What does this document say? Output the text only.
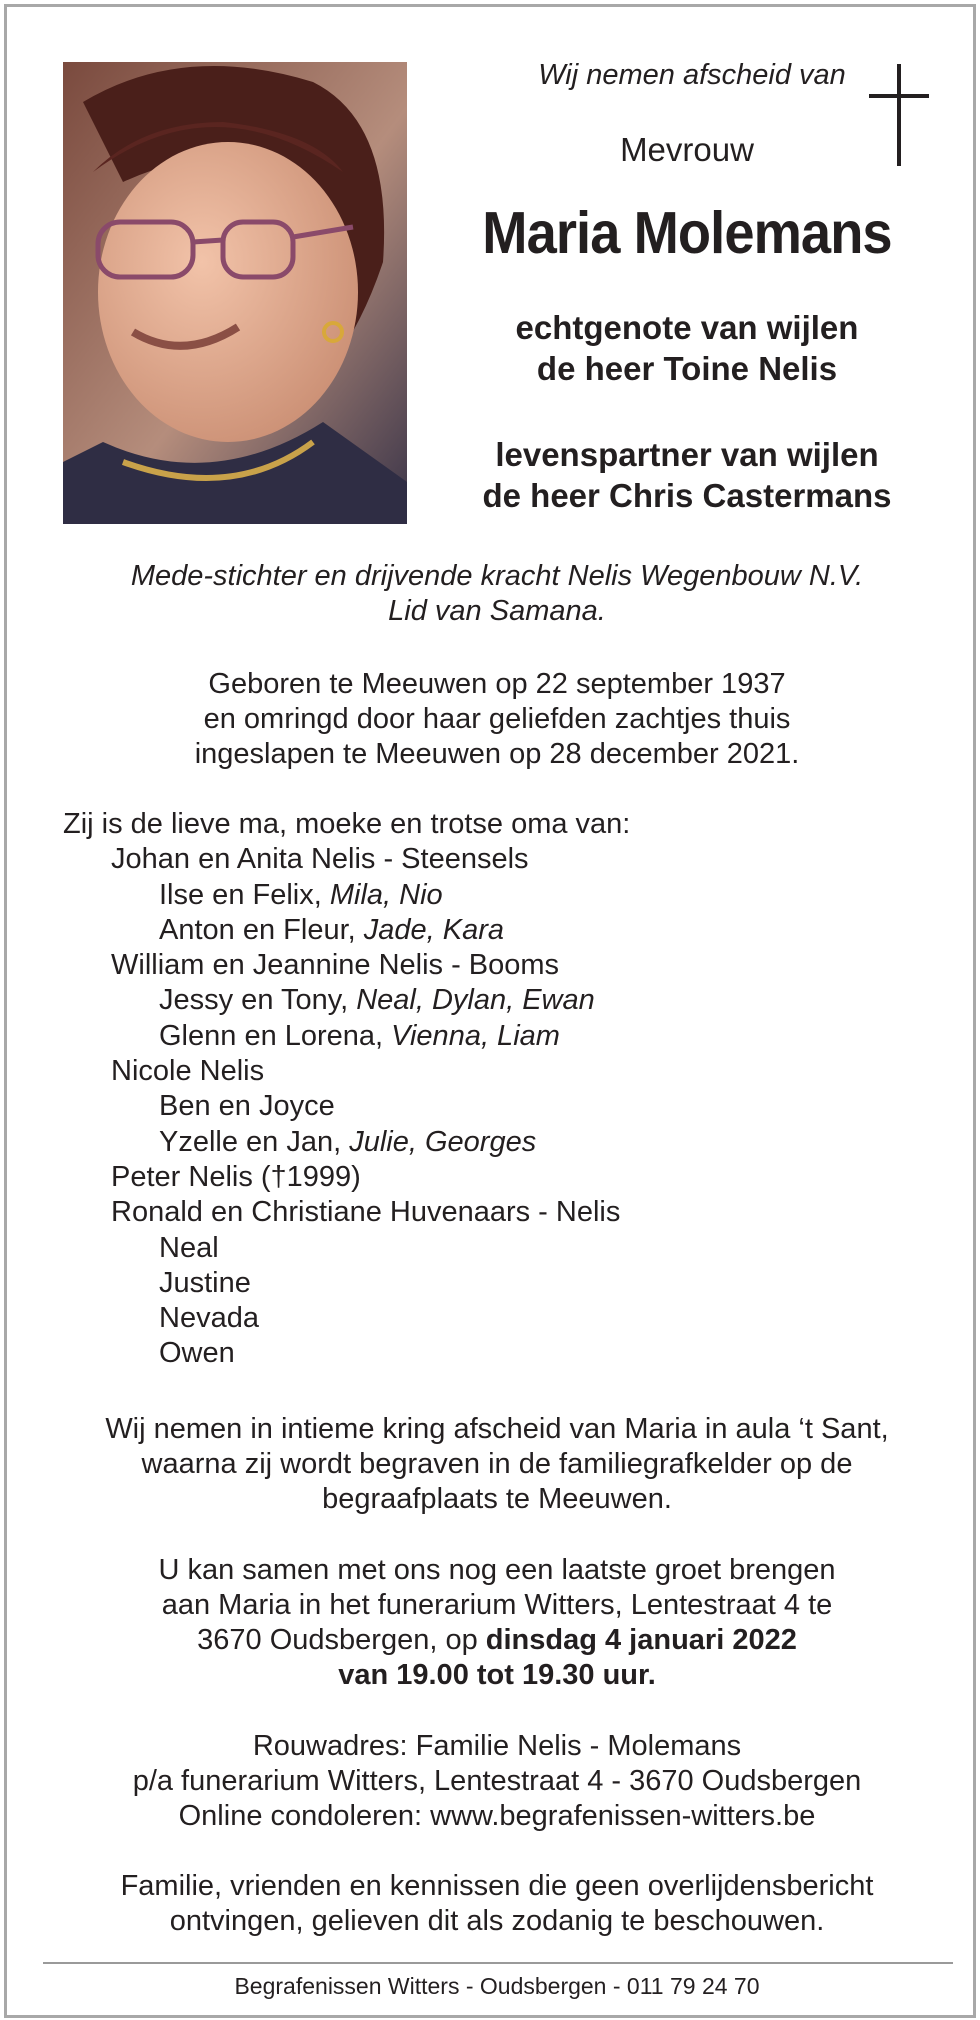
Wij nemen afscheid van
Mevrouw
Maria Molemans
echtgenote van wijlen
de heer Toine Nelis
levenspartner van wijlen
de heer Chris Castermans
Mede-stichter en drijvende kracht Nelis Wegenbouw N.V.
Lid van Samana.
Geboren te Meeuwen op 22 september 1937
en omringd door haar geliefden zachtjes thuis
ingeslapen te Meeuwen op 28 december 2021.
Zij is de lieve ma, moeke en trotse oma van:
Johan en Anita Nelis - Steensels
Ilse en Felix, Mila, Nio
Anton en Fleur, Jade, Kara
William en Jeannine Nelis - Booms
Jessy en Tony, Neal, Dylan, Ewan
Glenn en Lorena, Vienna, Liam
Nicole Nelis
Ben en Joyce
Yzelle en Jan, Julie, Georges
Peter Nelis (†1999)
Ronald en Christiane Huvenaars - Nelis
Neal
Justine
Nevada
Owen
Wij nemen in intieme kring afscheid van Maria in aula ‘t Sant,
waarna zij wordt begraven in de familiegrafkelder op de
begraafplaats te Meeuwen.
U kan samen met ons nog een laatste groet brengen
aan Maria in het funerarium Witters, Lentestraat 4 te
3670 Oudsbergen, op dinsdag 4 januari 2022
van 19.00 tot 19.30 uur.
Rouwadres: Familie Nelis - Molemans
p/a funerarium Witters, Lentestraat 4 - 3670 Oudsbergen
Online condoleren: www.begrafenissen-witters.be
Familie, vrienden en kennissen die geen overlijdensbericht
ontvingen, gelieven dit als zodanig te beschouwen.
Begrafenissen Witters - Oudsbergen - 011 79 24 70
